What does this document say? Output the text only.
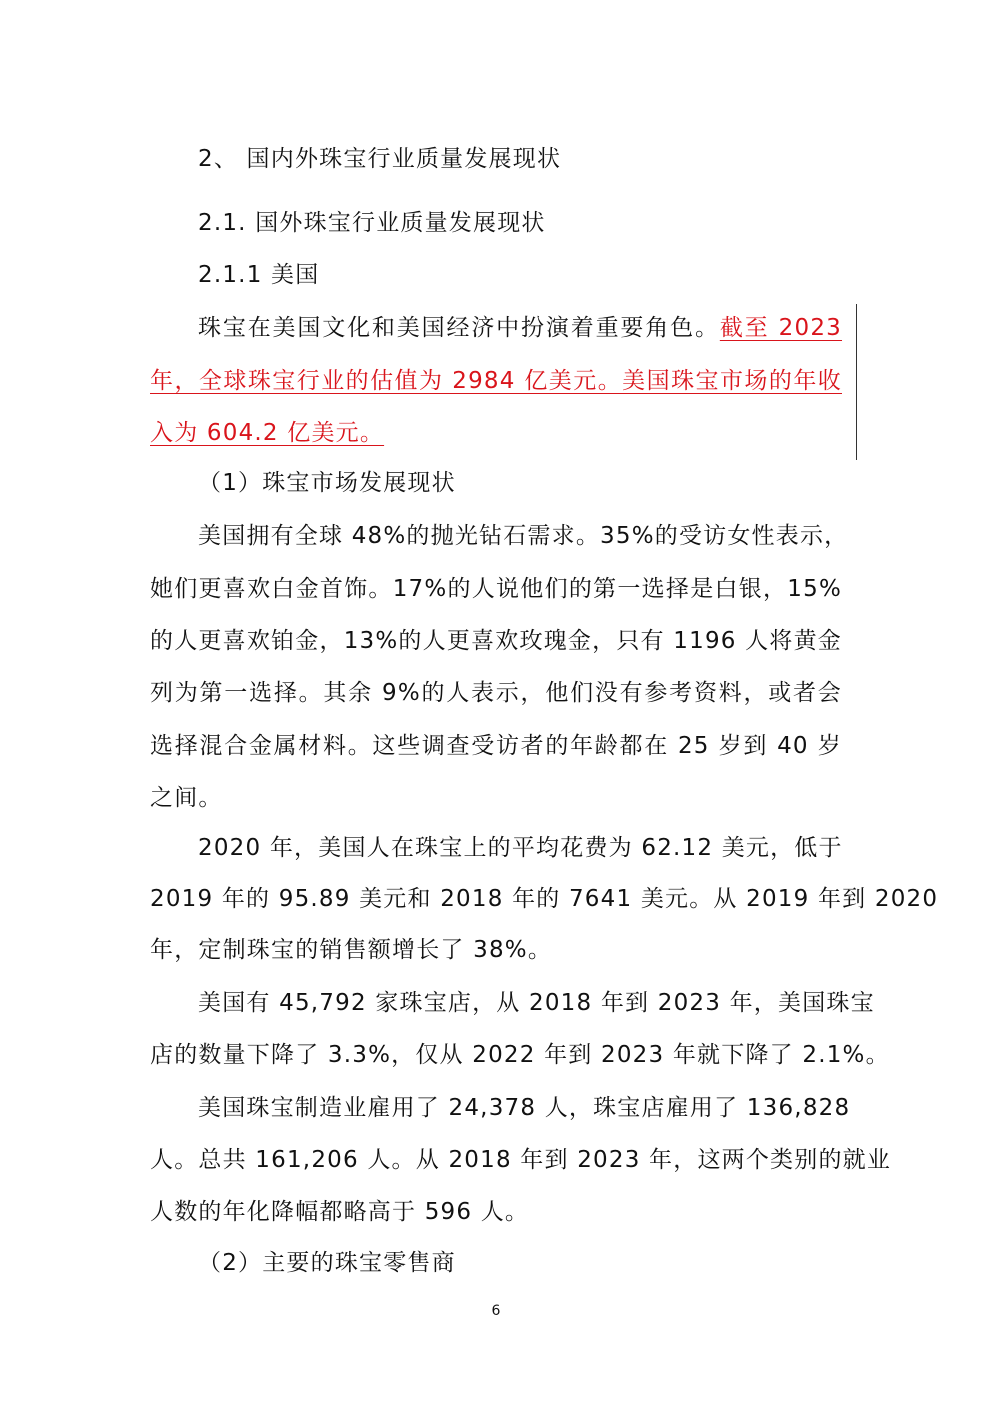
2、 国内外珠宝行业质量发展现状
2.1. 国外珠宝行业质量发展现状
2.1.1 美国
珠宝在美国文化和美国经济中扮演着重要角色。截至 2023
年，全球珠宝行业的估值为 2984 亿美元。美国珠宝市场的年收
入为 604.2 亿美元。
（1）珠宝市场发展现状
美国拥有全球 48%的抛光钻石需求。35%的受访女性表示，
她们更喜欢白金首饰。17%的人说他们的第一选择是白银，15%
的人更喜欢铂金，13%的人更喜欢玫瑰金，只有 1196 人将黄金
列为第一选择。其余 9%的人表示，他们没有参考资料，或者会
选择混合金属材料。这些调查受访者的年龄都在 25 岁到 40 岁
之间。
2020 年，美国人在珠宝上的平均花费为 62.12 美元，低于
2019 年的 95.89 美元和 2018 年的 7641 美元。从 2019 年到 2020
年，定制珠宝的销售额增长了 38%。
美国有 45,792 家珠宝店，从 2018 年到 2023 年，美国珠宝
店的数量下降了 3.3%，仅从 2022 年到 2023 年就下降了 2.1%。
美国珠宝制造业雇用了 24,378 人，珠宝店雇用了 136,828
人。总共 161,206 人。从 2018 年到 2023 年，这两个类别的就业
人数的年化降幅都略高于 596 人。
（2）主要的珠宝零售商
6
